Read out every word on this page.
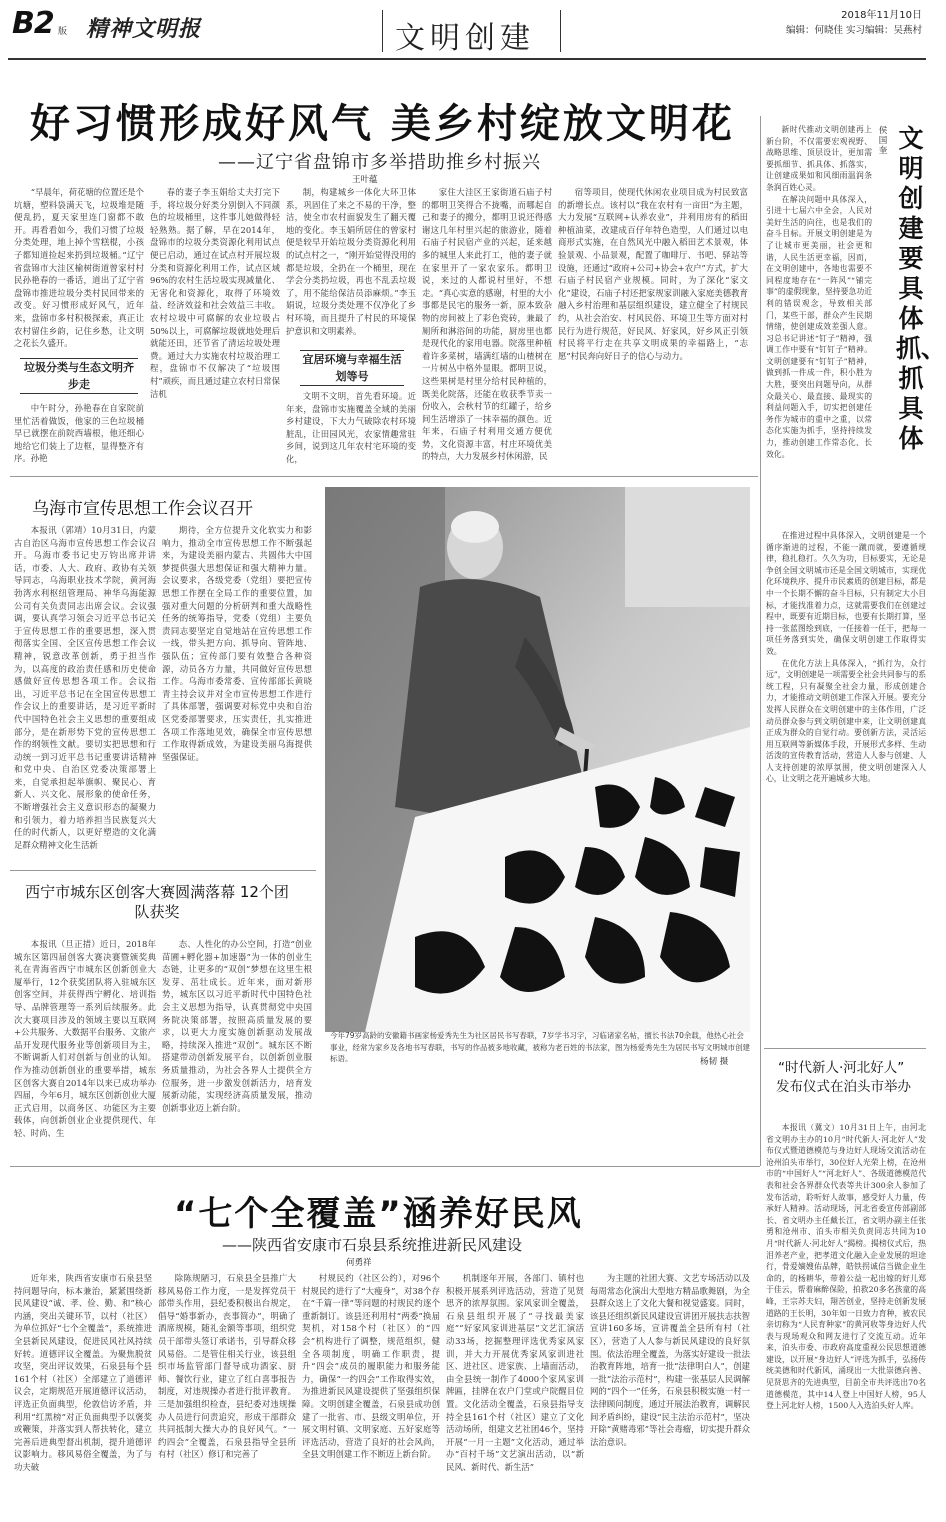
B2 版 精神文明报	文明创建
2018年11月10日
编辑：何晓佳 实习编辑：吴燕村
好习惯形成好风气 美乡村绽放文明花
——辽宁省盘锦市多举措助推乡村振兴
王叶蕴

“早晨年，荷花塘的位置还是个坑塘，塑料袋满天飞，垃圾堆是随便乱扔，夏天家里连门窗都不敢开。再看看如今，我们习惯了垃圾分类处理，地上掉个雪糕棍，小孩子都知道捡起来扔到垃圾桶。”辽宁省盘锦市大洼区榆树街道曾家村村民孙艳春的一番话，道出了辽宁省盘锦市推进垃圾分类村民回带来的改变。好习惯形成好风气，近年来，盘锦市多村积极探索，真正让农村留住乡韵，记住乡愁，让文明之花长久盛开。

垃圾分类与生态文明齐步走

中午时分，孙艳春在自家院前里忙活着做饭，他家的三色垃圾桶早已就摆在前院西墙根，他还细心地给它们装上了边框，显得整齐有序。孙艳

春的妻子李玉娟给丈夫打完下手，将垃圾分好类分别倒入不同颜色的垃圾桶里，这件事儿她做得轻轻熟熟。据了解，早在2014年，盘锦市的垃圾分类资源化利用试点便已启动，通过在试点村开展垃圾分类和资源化利用工作，试点区域96%的农村生活垃圾实现减量化、无害化和资源化，取得了环境效益、经济效益和社会效益三丰收。农村垃圾中可腐解的农业垃圾占50%以上，可腐解垃圾就地处理后就能还田，还节省了清运垃圾处理费。通过大力实施农村垃圾治理工程，盘锦市不仅解决了“垃圾围村”顽疾，而且通过建立农村日常保洁机

制，构建城乡一体化大环卫体系，巩固住了来之不易的干净，整洁，使全市农村面貌发生了翻天覆地的变化。李玉娟所居住的曾家村便是较早开始垃圾分类资源化利用的试点村之一，“刚开始觉得没用的都是垃圾，全扔在一个桶里，现在学会分类扔垃圾，再也不乱丢垃圾了，用不能给保洁员添麻烦。”李玉娟说，垃圾分类处理不仅净化了乡村环境，而且提升了村民的环境保护意识和文明素养。

宜居环境与幸福生活划等号

文明不文明，首先看环境。近年来，盘锦市实施覆盖全域的美丽乡村建设，下大力气破除农村环境脏乱，让田园风光，农家情趣常驻乡间，说到这几年农村宅环境的变化，

家住大洼区王家街道石庙子村的都明卫笑得合不拢嘴，而哪起自己和妻子的搬分，都明卫说还得感谢这几年村里兴起的旅游业，随着石庙子村民宿产业的兴起，延来越多的城里人来此打工，他的妻子就在家里开了一家农家乐。都明卫说，来过的人都说村里好，不想走。“真心实意的感谢，村里的大小事都是民宅的服务一新，原本致杂物的房间被上了彩色瓷砖，兼最了厕所和淋浴间的功能，厨房里也都是现代化的家用电器。院落里种植着许多菜树，墙满红墙的山楂树在一片树丛中格外显眼。都明卫说，这些果树是村里分给村民种植的，既美化院落，还能在收获季节卖一份收入，会秋村节的红罐子，给乡间生活增添了一抹幸福的颜色。近年来，石庙子村利用交通方便优势，文化资源丰富，村庄环境优美的特点，大力发展乡村休闲游，民

宿等项目，使现代休闲农业项目成为村民致富的新增长点。该村以“我在农村有一亩田”为主题，大力发展“互联网+认养农业”，并利用房有的稻田种植油菜，改建成百仔年特色造型，人们通过以电商形式实施，在自然风光中融入稻田艺术景观，体验景观、小品景观，配置了咖啡厅、书吧、驿站等设施，还通过“政府+公司+协会+农户”方式，扩大石庙子村民宿产业规模。同时，为了深化“家文化”建设，石庙子村还把家规家训融入家庭美德教育融入乡村治理和基层组织建设，建立健全了村规民约，从社会治安、村风民俗、环境卫生等方面对村民行为进行规范，好民风、好家风，好乡风正引领村民将平行走在共享文明成果的幸福路上，“志愿”村民奔向好日子的信心与动力。

文明创建要具体抓、抓具体
侯国奎

新时代推动文明创建再上新台阶，不仅需要宏观视野、战略思维、顶层设计，更加需要抓细节、抓具体、抓落实，让创建成果如和风细雨温润条条润百姓心灵。

在解决问题中具体深入，引进十七届六中全会，人民对美好生活的向往，也是我们的奋斗目标。开展文明创建是为了让城市更美丽，社会更和谐，人民生活更幸福，因而，在文明创建中，各地也需要不同程度地存在“一阵风”“铺完事”的虚假现象，坚持要急功近利的错误观念，导致相关部门，某些干部，群众产生民期情绪，使创建成效差强人意。习总书记讲述“钉子”精神，强调工作中要有“钉钉子”精神。文明创建要有“钉钉子”精神，做到抓一件成一件，积小胜为大胜，要突出问题导向，从群众最关心、最直接、最现实的利益问题入手，切实把创建任务作为城市的重中之重，以常态化实施为抓手，坚持持续发力，推动创建工作常态化、长效化。

在推进过程中具体深入，文明创建是一个循序渐进的过程，不能一蹴而就，要遵循规律，稳扎稳打。久久为功，目标要实，无论是争创全国文明城市还是全国文明城市，实现优化环境秩序、提升市民素质的创建目标，都是中一个长期不懈的奋斗目标，只有制定大小目标，才能找准着力点，这就需要我们在创建过程中，既要有近期目标，也要有长期打算，坚持一张蓝图绘到底，一任接着一任干，把每一项任务落到实处，确保文明创建工作取得实效。

在优化方法上具体深入，“抓行为，众行远”，文明创建是一项需要全社会共同参与的系统工程，只有凝聚全社会力量，形成创建合力，才能推动文明创建工作深入开展。要充分发挥人民群众在文明创建中的主体作用，广泛动员群众参与到文明创建中来，让文明创建真正成为群众的自觉行动。要创新方法，灵活运用互联网等新媒体手段，开展形式多样、生动活泼的宣传教育活动，营造人人参与创建、人人支持创建的浓厚氛围，使文明创建深入人心，让文明之花开遍城乡大地。

乌海市宣传思想工作会议召开

本报讯（郭靖）10月31日，内蒙古自治区乌海市宣传思想工作会议召开。乌海市委书记史万钧出席并讲话，市委、人大、政府、政协有关领导同志，乌海职业技术学院，黄河海勃湾水利枢纽管理局、神华乌海能源公司有关负责同志出席会议。会议强调，要认真学习领会习近平总书记关于宣传思想工作的重要思想，深入贯彻落实全国、全区宣传思想工作会议精神，锐意改革创新，勇于担当作为，以高度的政治责任感和历史使命感做好宣传思想各项工作。会议指出，习近平总书记在全国宣传思想工作会议上的重要讲话，是习近平新时代中国特色社会主义思想的重要组成部分，是在新形势下党的宣传思想工作的纲领性文献。要切实把思想和行动统一到习近平总书记重要讲话精神和党中央、自治区党委决策部署上来，自觉承担起举旗帜、聚民心、育新人、兴文化、展形象的使命任务，不断增强社会主义意识形态的凝聚力和引领力，着力培养担当民族复兴大任的时代新人，以更好塑造的文化满足群众精神文化生活新

期待，全方位提升文化软实力和影响力，推动全市宣传思想工作不断强起来，为建设美丽内蒙古、共圆伟大中国梦提供强大思想保证和强大精神力量。会议要求，各级党委（党组）要把宣传思想工作摆在全局工作的重要位置，加强对重大问题的分析研判和重大战略性任务的统筹指导，党委（党组）主要负责同志要坚定自觉地站在宣传思想工作一线，带头把方向、抓导向、管阵地、强队伍；宣传部门要有效整合各种资源，动员各方力量，共同做好宣传思想工作。乌海市委常委、宣传部部长黄晓青主持会议并对全市宣传思想工作进行了具体部署，强调要对标党中央和自治区党委部署要求，压实责任，扎实推进各项工作落地见效，确保全市宣传思想工作取得新成效，为建设美丽乌海提供坚强保证。

西宁市城东区创客大赛圆满落幕 12个团队获奖

本报讯（旦正措）近日，2018年城东区第四届创客大赛决赛暨颁奖典礼在青海省西宁市城东区创新创业大厦举行，12个获奖团队将入驻城东区创客空间，并获得西宁孵化、培训指导、品牌管理等一系列后续服务。此次大赛项目涉及的领域主要以互联网+公共服务、大数据平台服务、文旅产品开发现代服务业等创新项目为主，不断调新人们对创新与创业的认知。作为推动创新创业的重要举措，城东区创客大赛自2014年以来已成功举办四届，今年6月，城东区创新创业大厦正式启用，以商务区、功能区为主要载体，向创新创业企业提供现代、年轻、时尚、生

态、人性化的办公空间，打造“创业苗圃+孵化器+加速器”为一体的创业生态链，让更多的“双创”梦想在这里生根发芽、茁壮成长。近年来，面对新形势，城东区以习近平新时代中国特色社会主义思想为指导，认真贯彻党中央国务院决策部署，按照高质量发展的要求，以更大力度实施创新驱动发展战略，持续深入推进“双创”。城东区不断搭建带动创新发展平台，以创新创业服务质量推动，为社会各界人士提供全方位服务，进一步激发创新活力，培育发展新动能，实现经济高质量发展，推动创新事业迈上新台阶。

今年79岁高龄的安徽籍书画家杨爱秀先生为社区居民书写春联，7岁学书习字，习临诸家名帖，擅长书法70余载，他热心社会事业，经常为家乡及各地书写春联，书写的作品被多地收藏，被称为老百姓的书法家，图为杨爱秀先生为居民书写文明城市创建标语。	杨韧 摄	“时代新人·河北好人”
发布仪式在泊头市举办

本报讯（冀文）10月31日上午，由河北省文明办主办的10月“时代新人·河北好人”发布仪式暨道德模范与身边好人现场交流活动在沧州泊头市举行，30位好人光荣上榜，在沧州市的“中国好人”“河北好人”、各级道德模范代表和社会各界群众代表等共计300余人参加了发布活动，聆听好人故事，感受好人力量，传承好人精神。活动现场，河北省委宣传部副部长、省文明办主任戴长江，省文明办副主任张勇和沧州市、泊头市相关负责同志共同为10月“时代新人·河北好人”揭榜。揭榜仪式后，热泪养老产业，把孝道文化融入企业发展的坦途行，骨爱嫡嫂佑品牌，皓铁拐诚信当做企业生命的，的杨耕华，带着公益一起出嫁的好儿郑于佳云，帮着麻醉保险，拍救20多名孩童的高峰，王宗苏夫妇，翔苦创业，坚持走创新发展道路的王长明，30年如一日致力育种，被农民亲切称为“人民育种家”的黄河收等身边好人代表与现场观众和网友进行了交流互动。近年来，泊头市委、市政府高度重视公民思想道德建设，以开展“身边好人”评选为抓手，弘扬传统美德和时代新风，涌现出一大批崇德向善、见贤思齐的先进典型，目前全市共评选出70名道德模范，其中14人登上中国好人榜，95人登上河北好人榜，1500人入选泊头好人库。

“七个全覆盖”涵养好民风
——陕西省安康市石泉县系统推进新民风建设
何勇祥

近年来，陕西省安康市石泉县坚持问题导向，标本兼治，紧紧围绕新民风建设“诚、孝、俭、勤、和”核心内涵，突出关键环节，以村（社区）为单位抓好“七个全覆盖”，系统推进全县新民风建设，促进民风社风持续好转。道德评议全覆盖。为聚焦脱贫攻坚，突出评议效果，石泉县每个县161个村（社区）全部建立了道德评议会，定期规范开展道德评议活动，评选正负面典型，伦敦信访矛盾，并利用“红黑榜”对正负面典型予以褒奖或鞭策，并落实到人帮扶转化，建立完善后进典型督出机制，提升道德评议影响力。移风易俗全覆盖，为了与功夫破

除陈规陋习，石泉县全县推广大移风易俗工作力度，一是发挥党员干部带头作用，县纪委积极出台规定，倡导“婚事新办，丧事简办”，明确了酒席规模，随礼金额等事项，组织党员干部带头签订承诺书，引导群众移风易俗。二是管住相关行业，该县组织市场监管部门督导成功酒家、厨师、餐饮行业，建立了红白喜事报告制度，对违规操办者进行批评教育。三是加强组织检查，县纪委对违规操办人员进行问责追究，形成干部群众共同抵制大操大办的良好风气。“一约四会”全覆盖，石泉县指导全县所有村（社区）修订和完善了

村规民约（社区公约），对96个村规民约进行了“大瘦身”，对38个存在“千篇一律”等问题的村规民约逐个重新制订。该县还利用村“两委”换届契机，对158个村（社区）的“四会”机构进行了调整，规范组织，健全各项制度，明确工作职责，提升“四会”成员的履职能力和服务能力，确保“一约四会”工作取得实效，为推进新民风建设提供了坚强组织保障。文明创建全覆盖，石泉县成功创建了一批省、市、县级文明单位，开展文明村镇、文明家庭、五好家庭等评选活动，营造了良好的社会风尚，全县文明创建工作不断迈上新台阶。

机制逐年开展，各部门、镇村也积极开展系列评选活动，营造了见贤思齐的浓厚氛围。家风家训全覆盖，石泉县组织开展了“寻找最美家庭”“好家风家训进基层”文艺汇演活动33场，挖掘整理评选优秀家风家训，并大力开展优秀家风家训进社区、进社区、进家族、上墙面活动，由全县统一制作了4000个家风家训牌匾，挂牌在农户门堂或户院醒目位置。文化活动全覆盖，石泉县指导支持全县161个村（社区）建立了文化活动场所，组建文艺社团46个，坚持开展“一月一主题”文化活动，通过举办“百村千场”文艺演出活动，以“新民风、新时代、新生活”

为主题的社团大赛、文艺专场活动以及每周常态化演出大型地方精品歌舞剧，为全县群众送上了文化大餐和视觉盛宴。同时，该县还组织新民风建设宣讲团开展扶志扶智宣讲160多场，宣讲覆盖全县所有村（社区），营造了人人参与新民风建设的良好氛围。依法治理全覆盖，为落实好建设一批法治教育阵地，培育一批“法律明白人”，创建一批“法治示范村”，构建一张基层人民调解网的“四个一”任务，石泉县积极实施一村一法律顾问制度，通过开展法治教育，调解民间矛盾纠纷，建设“民主法治示范村”，坚决开除“黄赌毒邪”等社会毒瘤，切实提升群众法治意识。
